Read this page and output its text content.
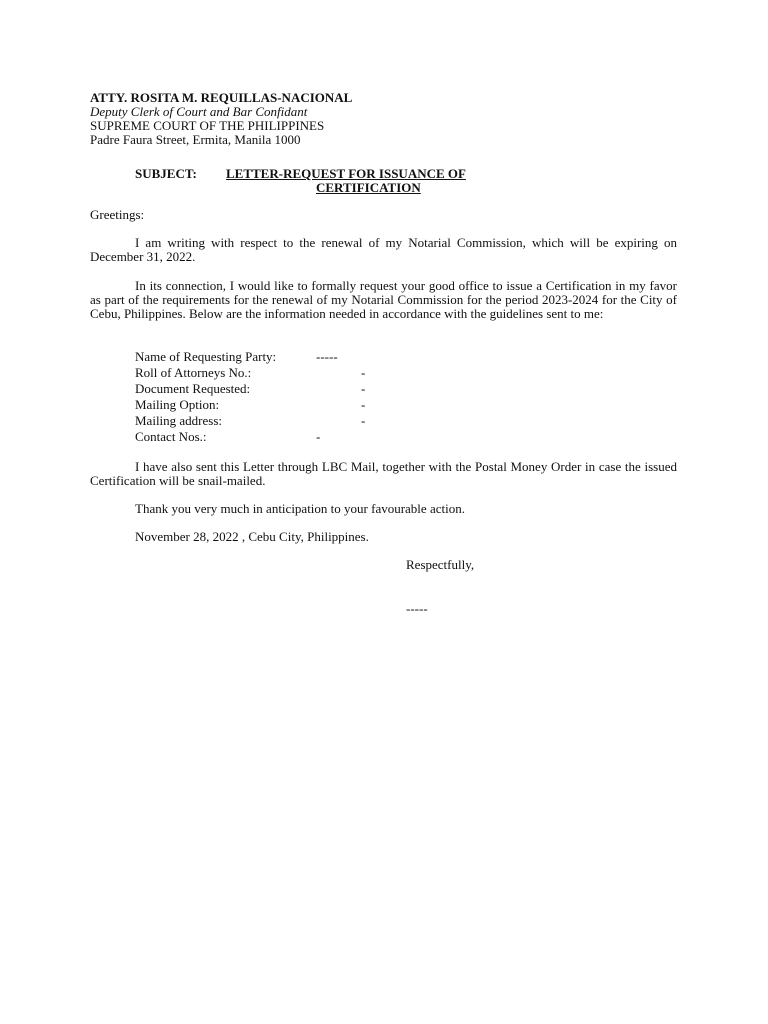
ATTY. ROSITA M. REQUILLAS-NACIONAL
Deputy Clerk of Court and Bar Confidant
SUPREME COURT OF THE PHILIPPINES
Padre Faura Street, Ermita, Manila 1000
SUBJECT: LETTER-REQUEST FOR ISSUANCE OF
CERTIFICATION
Greetings:

I am writing with respect to the renewal of my Notarial Commission, which will be expiring on December 31, 2022.

In its connection, I would like to formally request your good office to issue a Certification in my favor as part of the requirements for the renewal of my Notarial Commission for the period 2023-2024 for the City of Cebu, Philippines. Below are the information needed in accordance with the guidelines sent to me:

Name of Requesting Party:	-----
Roll of Attorneys No.:	-
Document Requested:	-
Mailing Option:	-
Mailing address:	-
Contact Nos.:	-

I have also sent this Letter through LBC Mail, together with the Postal Money Order in case the issued Certification will be snail-mailed.

Thank you very much in anticipation to your favourable action.
November 28, 2022 , Cebu City, Philippines.
Respectfully,
-----
